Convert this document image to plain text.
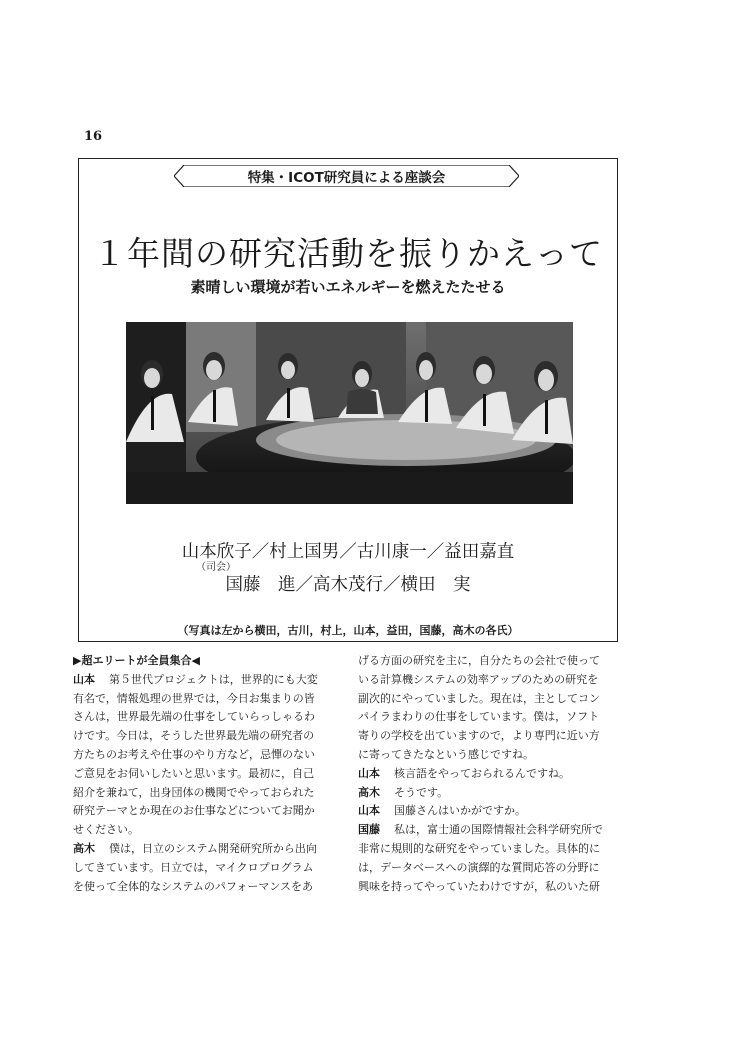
16
特集・ICOT研究員による座談会
１年間の研究活動を振りかえって
素晴しい環境が若いエネルギーを燃えたたせる
山本欣子／村上国男／古川康一／益田嘉直
（司会）
国藤　進／高木茂行／横田　実
（写真は左から横田，古川，村上，山本，益田，国藤，高木の各氏）
▶超エリートが全員集合◀
山本 第５世代プロジェクトは，世界的にも大変
有名で，情報処理の世界では，今日お集まりの皆
さんは，世界最先端の仕事をしていらっしゃるわ
けです。今日は，そうした世界最先端の研究者の
方たちのお考えや仕事のやり方など，忌憚のない
ご意見をお伺いしたいと思います。最初に，自己
紹介を兼ねて，出身団体の機関でやっておられた
研究テーマとか現在のお仕事などについてお聞か
せください。
高木 僕は，日立のシステム開発研究所から出向
してきています。日立では，マイクロプログラム
を使って全体的なシステムのパフォーマンスをあ
げる方面の研究を主に，自分たちの会社で使って
いる計算機システムの効率アップのための研究を
副次的にやっていました。現在は，主としてコン
パイラまわりの仕事をしています。僕は，ソフト
寄りの学校を出ていますので，より専門に近い方
に寄ってきたなという感じですね。
山本 核言語をやっておられるんですね。
高木 そうです。
山本 国藤さんはいかがですか。
国藤 私は，富士通の国際情報社会科学研究所で
非常に規則的な研究をやっていました。具体的に
は，データベースへの演繹的な質問応答の分野に
興味を持ってやっていたわけですが，私のいた研
